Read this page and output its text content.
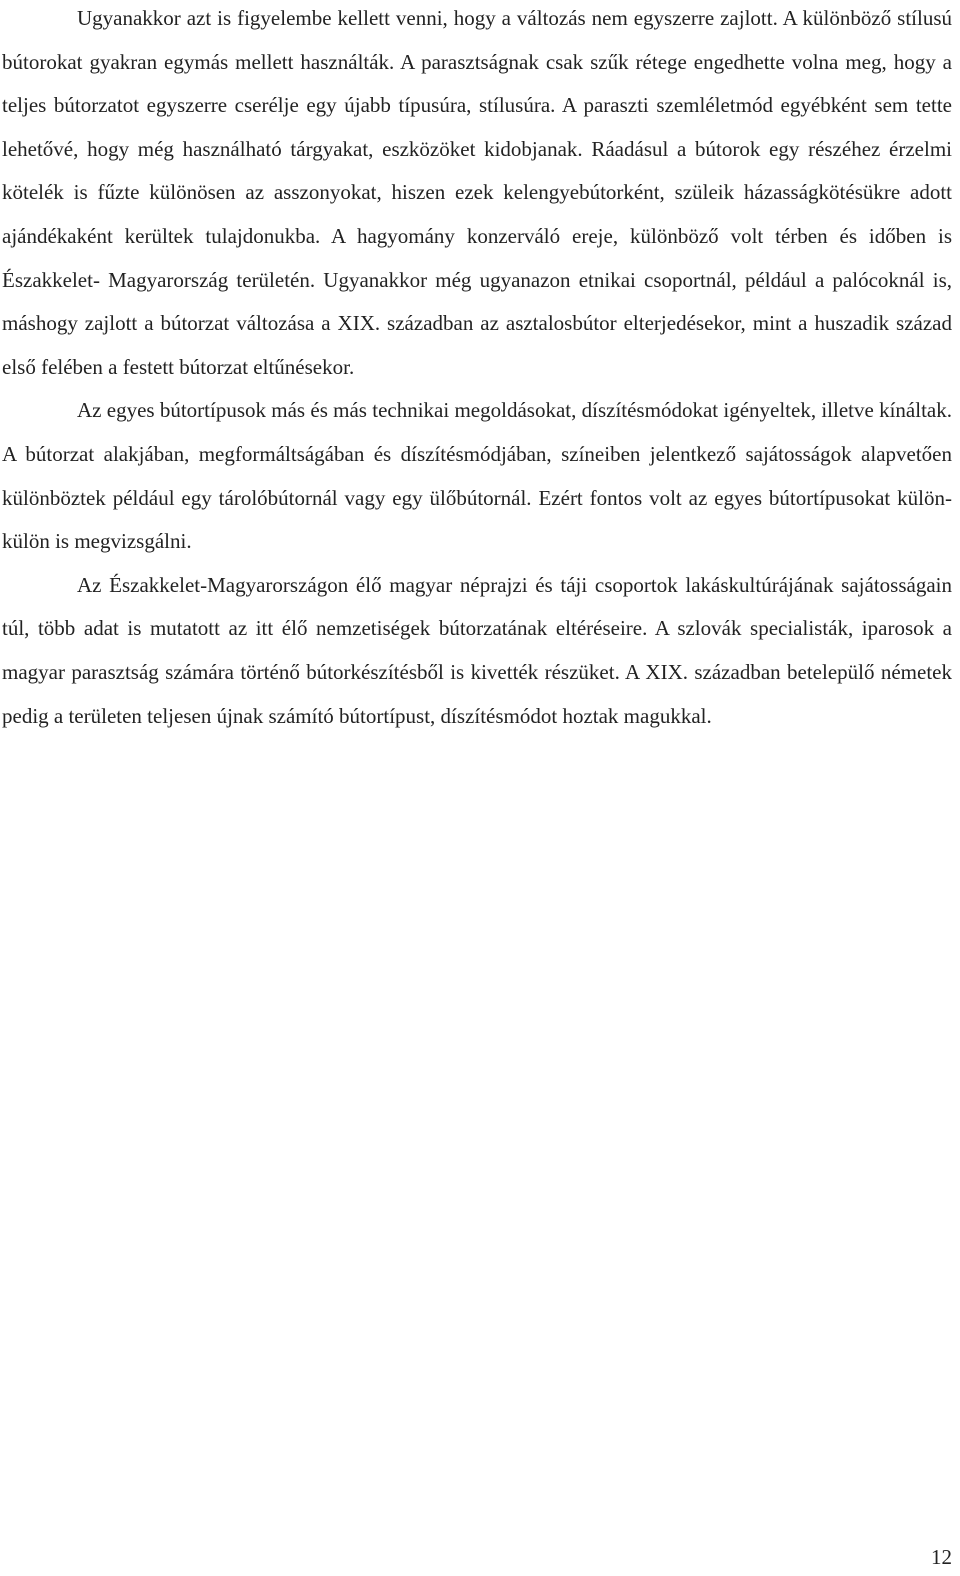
Ugyanakkor azt is figyelembe kellett venni, hogy a változás nem egyszerre zajlott. A különböző stílusú bútorokat gyakran egymás mellett használták. A parasztságnak csak szűk rétege engedhette volna meg, hogy a teljes bútorzatot egyszerre cserélje egy újabb típusúra, stílusúra. A paraszti szemléletmód egyébként sem tette lehetővé, hogy még használható tárgyakat, eszközöket kidobjanak. Ráadásul a bútorok egy részéhez érzelmi kötelék is fűzte különösen az asszonyokat, hiszen ezek kelengyebútorként, szüleik házasságkötésükre adott ajándékaként kerültek tulajdonukba. A hagyomány konzerváló ereje, különböző volt térben és időben is Északkelet- Magyarország területén. Ugyanakkor még ugyanazon etnikai csoportnál, például a palócoknál is, máshogy zajlott a bútorzat változása a XIX. században az asztalosbútor elterjedésekor, mint a huszadik század első felében a festett bútorzat eltűnésekor.

Az egyes bútortípusok más és más technikai megoldásokat, díszítésmódokat igényeltek, illetve kínáltak. A bútorzat alakjában, megformáltságában és díszítésmódjában, színeiben jelentkező sajátosságok alapvetően különböztek például egy tárolóbútornál vagy egy ülőbútornál. Ezért fontos volt az egyes bútortípusokat külön-külön is megvizsgálni.

Az Északkelet-Magyarországon élő magyar néprajzi és táji csoportok lakáskultúrájának sajátosságain túl, több adat is mutatott az itt élő nemzetiségek bútorzatának eltéréseire. A szlovák specialisták, iparosok a magyar parasztság számára történő bútorkészítésből is kivették részüket. A XIX. században betelepülő németek pedig a területen teljesen újnak számító bútortípust, díszítésmódot hoztak magukkal.

12
